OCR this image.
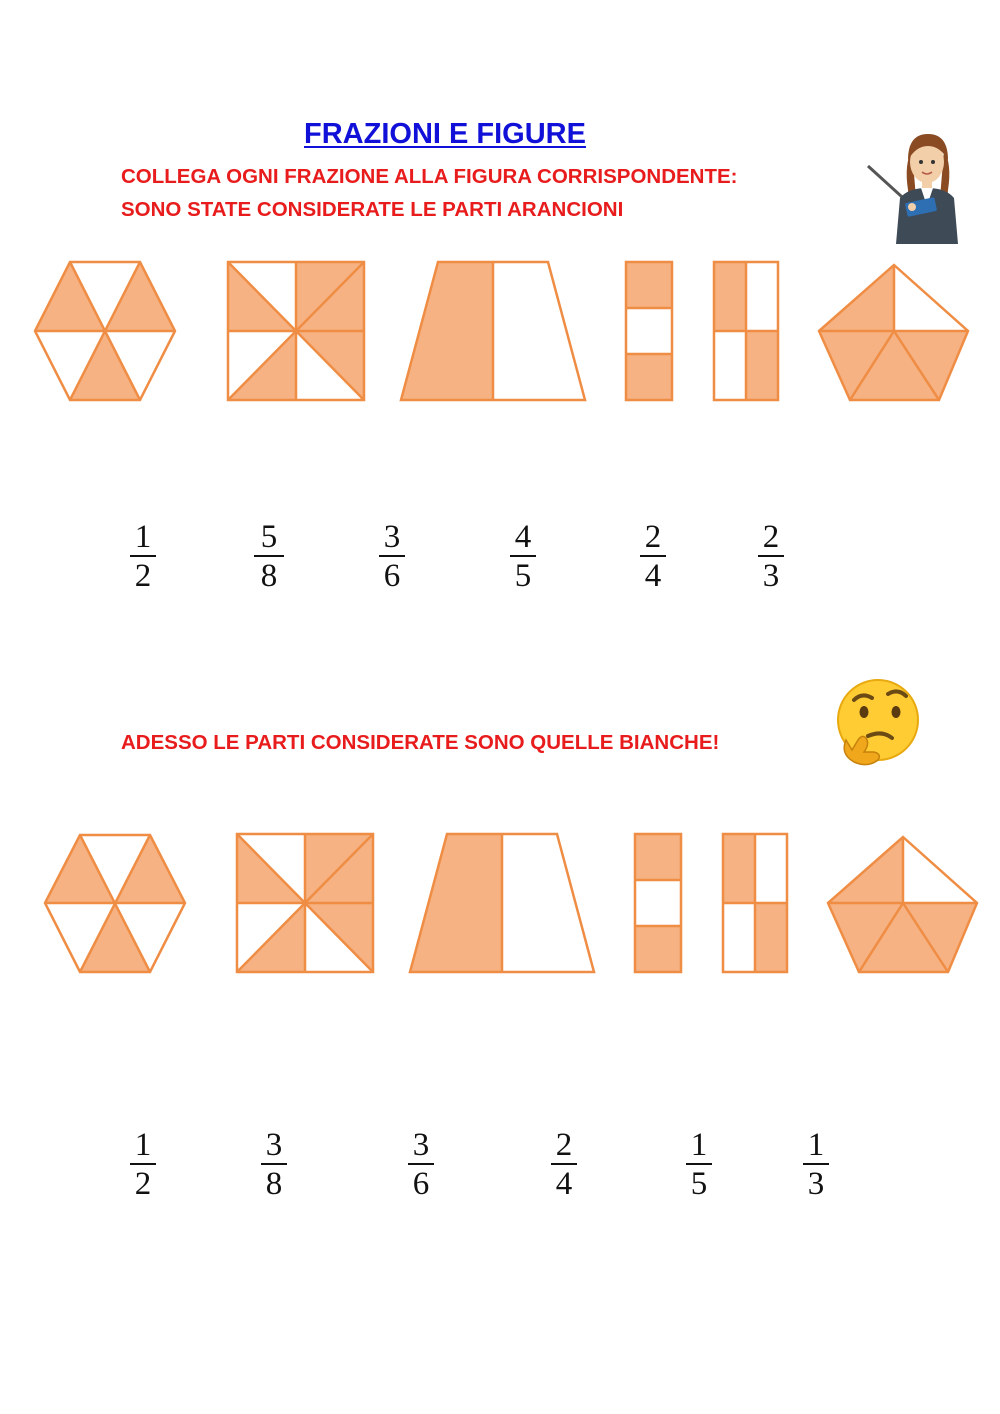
FRAZIONI E FIGURE
COLLEGA OGNI FRAZIONE ALLA FIGURA CORRISPONDENTE:
SONO STATE CONSIDERATE LE PARTI ARANCIONI
ADESSO LE PARTI CONSIDERATE SONO QUELLE BIANCHE!
1
2
5
8
3
6
4
5
2
4
2
3
1
2
3
8
3
6
2
4
1
5
1
3
